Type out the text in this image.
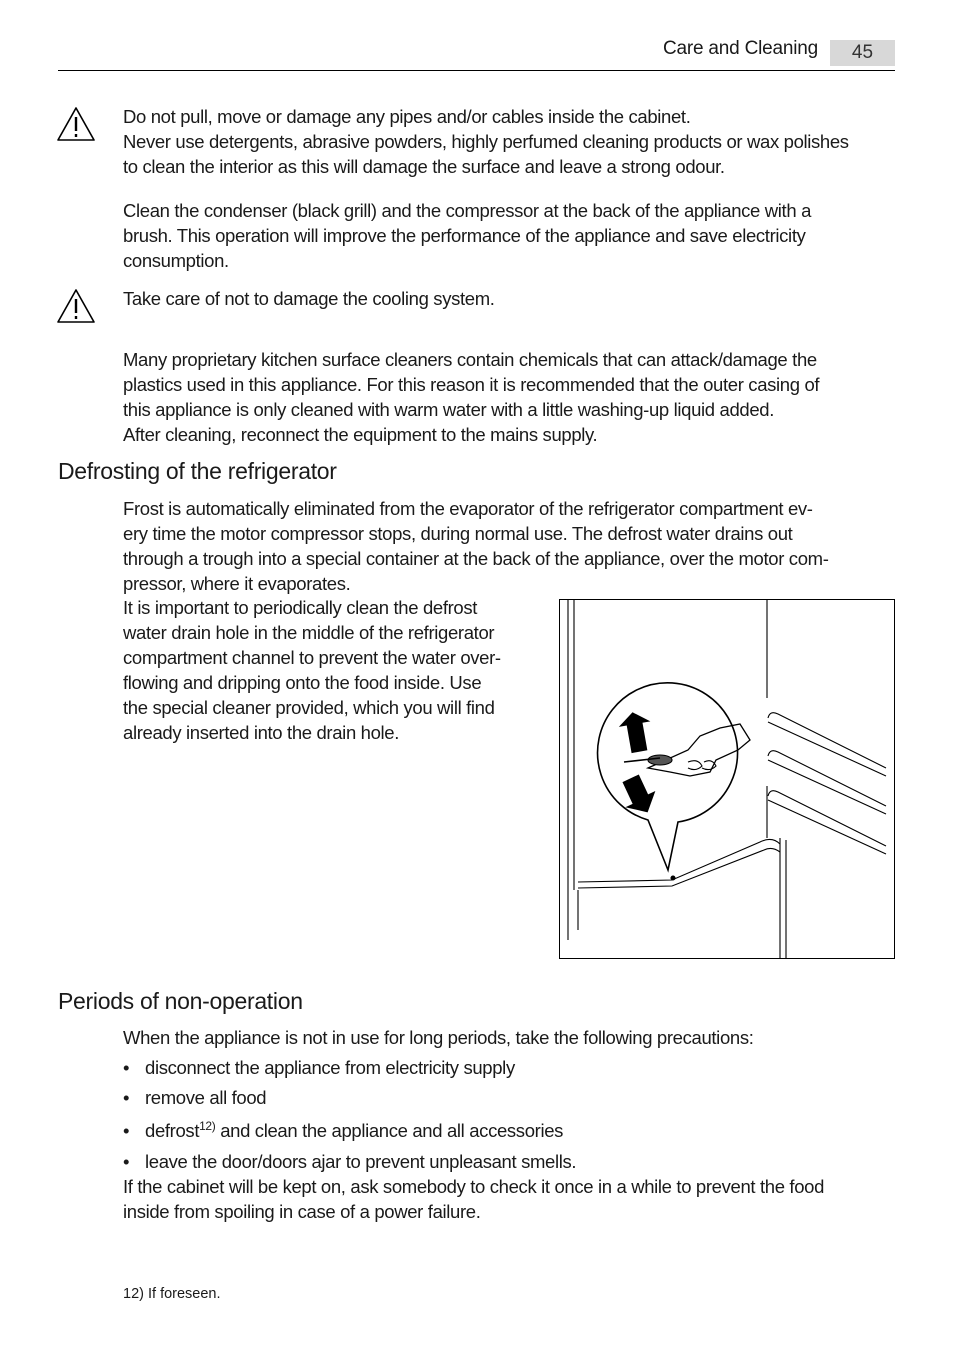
Care and Cleaning	45

Do not pull, move or damage any pipes and/or cables inside the cabinet.
Never use detergents, abrasive powders, highly perfumed cleaning products or wax polishes
to clean the interior as this will damage the surface and leave a strong odour.

Clean the condenser (black grill) and the compressor at the back of the appliance with a
brush. This operation will improve the performance of the appliance and save electricity
consumption.

Take care of not to damage the cooling system.

Many proprietary kitchen surface cleaners contain chemicals that can attack/damage the
plastics used in this appliance. For this reason it is recommended that the outer casing of
this appliance is only cleaned with warm water with a little washing-up liquid added.
After cleaning, reconnect the equipment to the mains supply.

Defrosting of the refrigerator

Frost is automatically eliminated from the evaporator of the refrigerator compartment ev-
ery time the motor compressor stops, during normal use. The defrost water drains out
through a trough into a special container at the back of the appliance, over the motor com-
pressor, where it evaporates.

It is important to periodically clean the defrost
water drain hole in the middle of the refrigerator
compartment channel to prevent the water over-
flowing and dripping onto the food inside. Use
the special cleaner provided, which you will find
already inserted into the drain hole.

Periods of non-operation

When the appliance is not in use for long periods, take the following precautions:

• disconnect the appliance from electricity supply
• remove all food
• defrost$^{12)}$ and clean the appliance and all accessories
• leave the door/doors ajar to prevent unpleasant smells.

If the cabinet will be kept on, ask somebody to check it once in a while to prevent the food
inside from spoiling in case of a power failure.

12) If foreseen.
